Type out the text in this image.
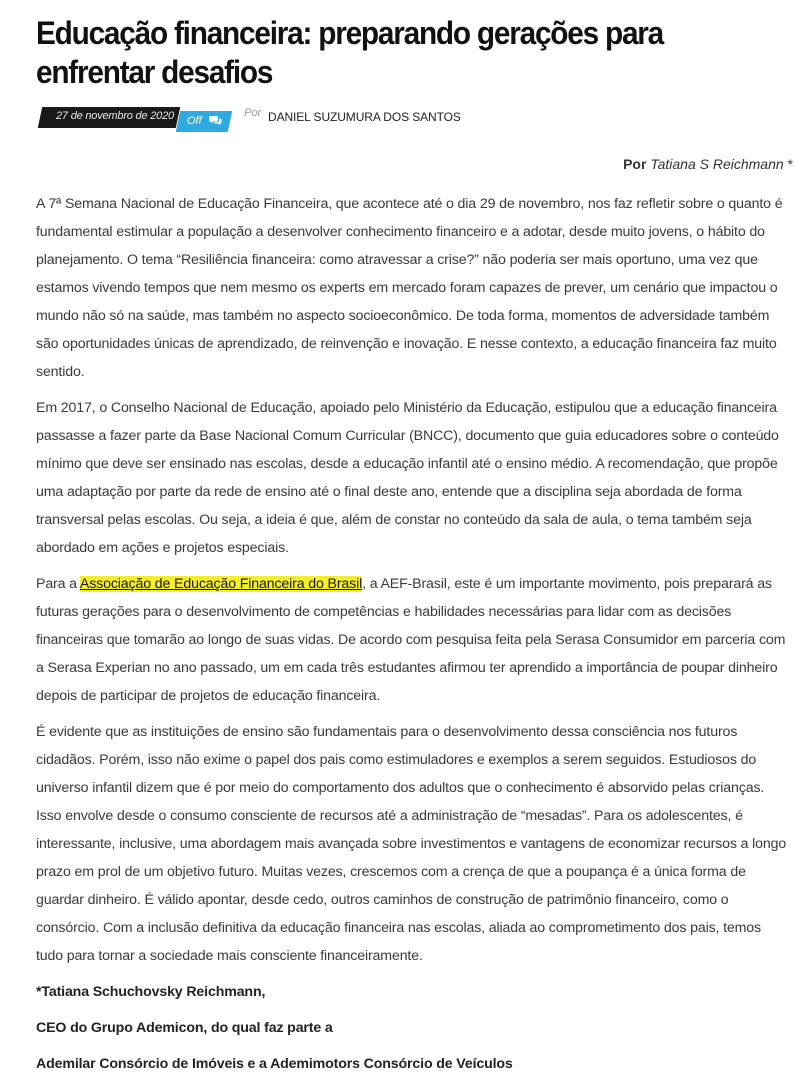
Educação financeira: preparando gerações para enfrentar desafios
27 de novembro de 2020 Off
Por DANIEL SUZUMURA DOS SANTOS
Por Tatiana S Reichmann *

A 7ª Semana Nacional de Educação Financeira, que acontece até o dia 29 de novembro, nos faz refletir sobre o quanto é fundamental estimular a população a desenvolver conhecimento financeiro e a adotar, desde muito jovens, o hábito do planejamento. O tema “Resiliência financeira: como atravessar a crise?” não poderia ser mais oportuno, uma vez que estamos vivendo tempos que nem mesmo os experts em mercado foram capazes de prever, um cenário que impactou o mundo não só na saúde, mas também no aspecto socioeconômico. De toda forma, momentos de adversidade também são oportunidades únicas de aprendizado, de reinvenção e inovação. E nesse contexto, a educação financeira faz muito sentido.

Em 2017, o Conselho Nacional de Educação, apoiado pelo Ministério da Educação, estipulou que a educação financeira passasse a fazer parte da Base Nacional Comum Curricular (BNCC), documento que guia educadores sobre o conteúdo mínimo que deve ser ensinado nas escolas, desde a educação infantil até o ensino médio. A recomendação, que propõe uma adaptação por parte da rede de ensino até o final deste ano, entende que a disciplina seja abordada de forma transversal pelas escolas. Ou seja, a ideia é que, além de constar no conteúdo da sala de aula, o tema também seja abordado em ações e projetos especiais.

Para a Associação de Educação Financeira do Brasil, a AEF-Brasil, este é um importante movimento, pois preparará as futuras gerações para o desenvolvimento de competências e habilidades necessárias para lidar com as decisões financeiras que tomarão ao longo de suas vidas. De acordo com pesquisa feita pela Serasa Consumidor em parceria com a Serasa Experian no ano passado, um em cada três estudantes afirmou ter aprendido a importância de poupar dinheiro depois de participar de projetos de educação financeira.

É evidente que as instituições de ensino são fundamentais para o desenvolvimento dessa consciência nos futuros cidadãos. Porém, isso não exime o papel dos pais como estimuladores e exemplos a serem seguidos. Estudiosos do universo infantil dizem que é por meio do comportamento dos adultos que o conhecimento é absorvido pelas crianças. Isso envolve desde o consumo consciente de recursos até a administração de “mesadas”. Para os adolescentes, é interessante, inclusive, uma abordagem mais avançada sobre investimentos e vantagens de economizar recursos a longo prazo em prol de um objetivo futuro. Muitas vezes, crescemos com a crença de que a poupança é a única forma de guardar dinheiro. É válido apontar, desde cedo, outros caminhos de construção de patrimônio financeiro, como o consórcio. Com a inclusão definitiva da educação financeira nas escolas, aliada ao comprometimento dos pais, temos tudo para tornar a sociedade mais consciente financeiramente.

*Tatiana Schuchovsky Reichmann,

CEO do Grupo Ademicon, do qual faz parte a

Ademilar Consórcio de Imóveis e a Ademimotors Consórcio de Veículos
